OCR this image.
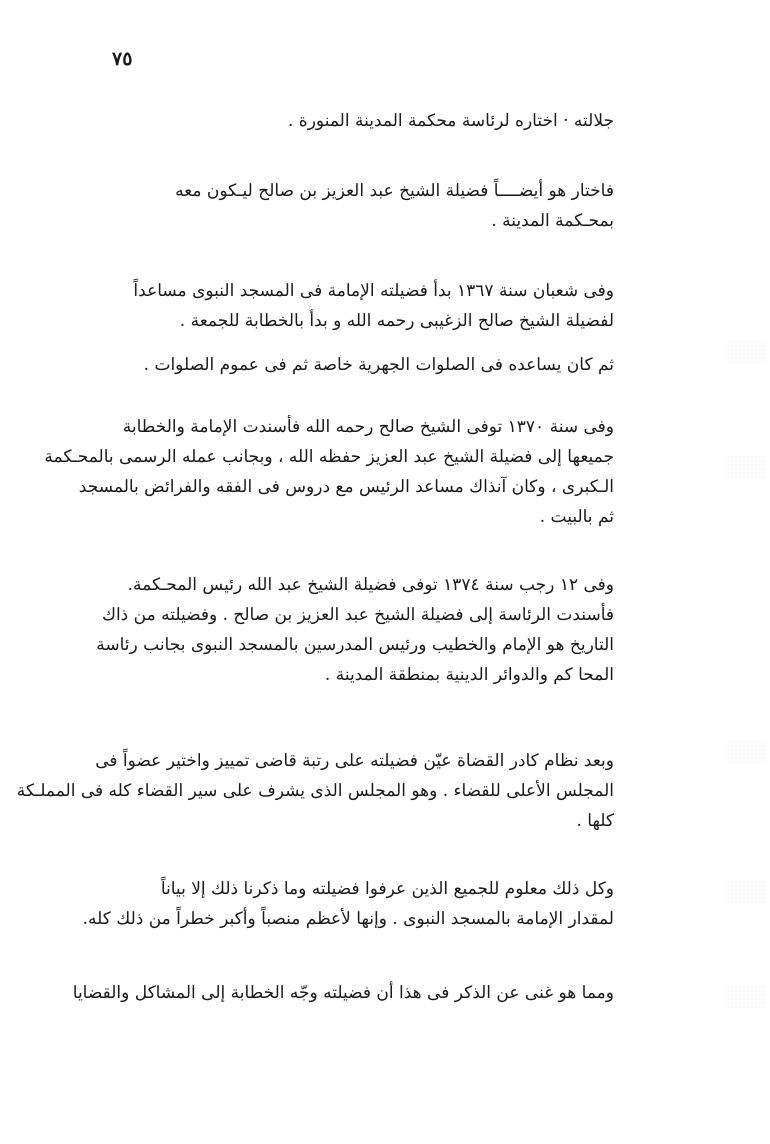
٧٥
جلالته · اختاره لرئاسة محكمة المدينة المنورة .
فاختار هو أيضــــاً فضيلة الشيخ عبد العزيز بن صالح ليـكون معه
بمحـكمة المدينة .
وفى شعبان سنة ١٣٦٧ بدأ فضيلته الإمامة فى المسجد النبوى مساعداً
لفضيلة الشيخ صالح الزغيبى رحمه الله و بدأ بالخطابة للجمعة .
ثم كان يساعده فى الصلوات الجهرية خاصة ثم فى عموم الصلوات .
وفى سنة ١٣٧٠ توفى الشيخ صالح رحمه الله فأسندت الإمامة والخطابة
جميعها إلى فضيلة الشيخ عبد العزيز حفظه الله ، وبجانب عمله الرسمى بالمحـكمة
الـكبرى ، وكان آنذاك مساعد الرئيس مع دروس فى الفقه والفرائض بالمسجد
ثم بالبيت .
وفى ١٢ رجب سنة ١٣٧٤ توفى فضيلة الشيخ عبد الله رئيس المحـكمة.
فأسندت الرئاسة إلى فضيلة الشيخ عبد العزيز بن صالح . وفضيلته من ذاك
التاريخ هو الإمام والخطيب ورئيس المدرسين بالمسجد النبوى بجانب رئاسة
المحا كم والدوائر الدينية بمنطقة المدينة .
وبعد نظام كادر القضاة عيّن فضيلته على رتبة قاضى تمييز واختير عضواً فى
المجلس الأعلى للقضاء . وهو المجلس الذى يشرف على سير القضاء كله فى المملـكة
كلها .
وكل ذلك معلوم للجميع الذين عرفوا فضيلته وما ذكرنا ذلك إلا بياناً
لمقدار الإمامة بالمسجد النبوى . وإنها لأعظم منصباً وأكبر خطراً من ذلك كله.
ومما هو غنى عن الذكر فى هذا أن فضيلته وجّه الخطابة إلى المشاكل والقضايا
